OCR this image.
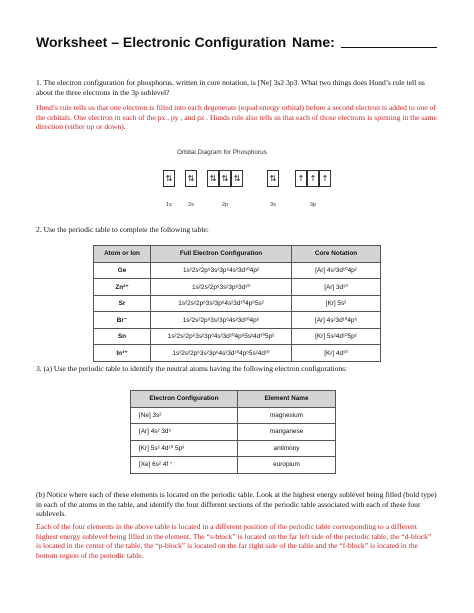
Worksheet – Electronic Configuration Name:
1. The electron configuration for phosphorus, written in core notation, is [Ne] 3s2 3p3. What two things does Hund’s rule tell us about the three electrons in the 3p sublevel?
Hund’s rule tells us that one electron is filled into each degenerate (equal energy orbital) before a second electron is added to one of the orbitals. One electron in each of the px , py , and pz . Hunds rule also tells us that each of those electrons is spinning in the same direction (either up or down).
Orbital Diagram for Phosphorus
⇅	⇅	⇅ ⇅ ⇅	⇅	↑ ↑ ↑
1s	2s	2p	3s	3p
2. Use the periodic table to complete the following table:
Atom or Ion	Full Electron Configuration	Core Notation
Ge	1s²2s²2p⁶3s²3p⁶4s²3d¹⁰4p²	[Ar] 4s²3d¹⁰4p²
Zn²⁺	1s²2s²2p⁶3s²3p⁶3d¹⁰	[Ar] 3d¹⁰
Sr	1s²2s²2p⁶3s²3p⁶4s²3d¹⁰4p⁶5s²	[Kr] 5s²
Br⁻	1s²2s²2p⁶3s²3p⁶4s²3d¹⁰4p⁶	[Ar] 4s²3d¹⁰4p⁶
Sn	1s²2s²2p⁶3s²3p⁶4s²3d¹⁰4p⁶5s²4d¹⁰5p²	[Kr] 5s²4d¹⁰5p²
In³⁺	1s²2s²2p⁶3s²3p⁶4s²3d¹⁰4p⁶5s²4d¹⁰	[Kr] 4d¹⁰
3. (a) Use the periodic table to identify the neutral atoms having the following electron configurations:
Electron Configuration	Element Name
[Ne] 3s²	magnesium
[Ar] 4s² 3d⁵	manganese
[Kr] 5s² 4d¹⁰ 5p³	antimony
[Xe] 6s² 4f ⁷	europium
(b) Notice where each of these elements is located on the periodic table. Look at the highest energy sublevel being filled (bold type) in each of the atoms in the table, and identify the four different sections of the periodic table associated with each of these four sublevels.
Each of the four elements in the above table is located in a different position of the periodic table corresponding to a different highest energy sublevel being filled in the element. The “s-block” is located on the far left side of the periodic table, the “d-block” is located in the center of the table, the “p-block” is located on the far right side of the table and the “f-block” is located in the bottom region of the periodic table.
